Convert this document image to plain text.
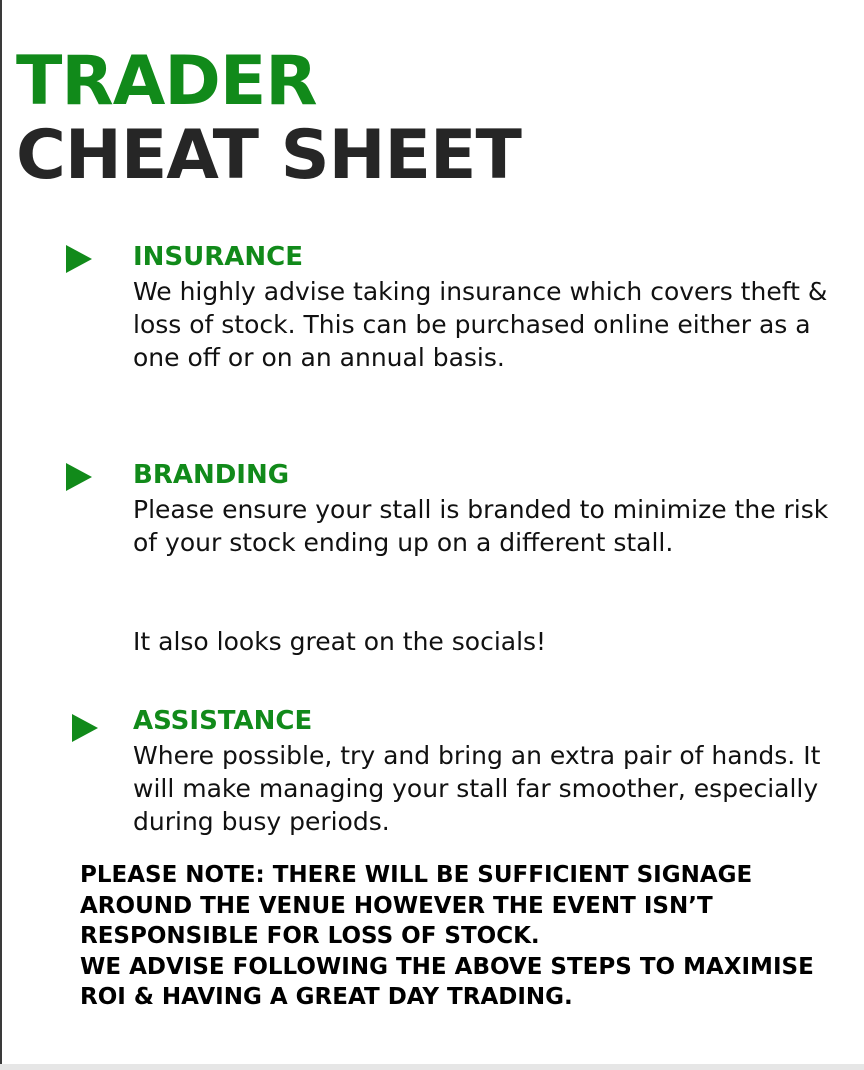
TRADER
CHEAT SHEET
INSURANCE

We highly advise taking insurance which covers theft & loss of stock. This can be purchased online either as a one off or on an annual basis.

BRANDING

Please ensure your stall is branded to minimize the risk of your stock ending up on a different stall.

It also looks great on the socials!

ASSISTANCE

Where possible, try and bring an extra pair of hands. It will make managing your stall far smoother, especially during busy periods.

PLEASE NOTE: THERE WILL BE SUFFICIENT SIGNAGE AROUND THE VENUE HOWEVER THE EVENT ISN’T RESPONSIBLE FOR LOSS OF STOCK.
WE ADVISE FOLLOWING THE ABOVE STEPS TO MAXIMISE ROI & HAVING A GREAT DAY TRADING.
